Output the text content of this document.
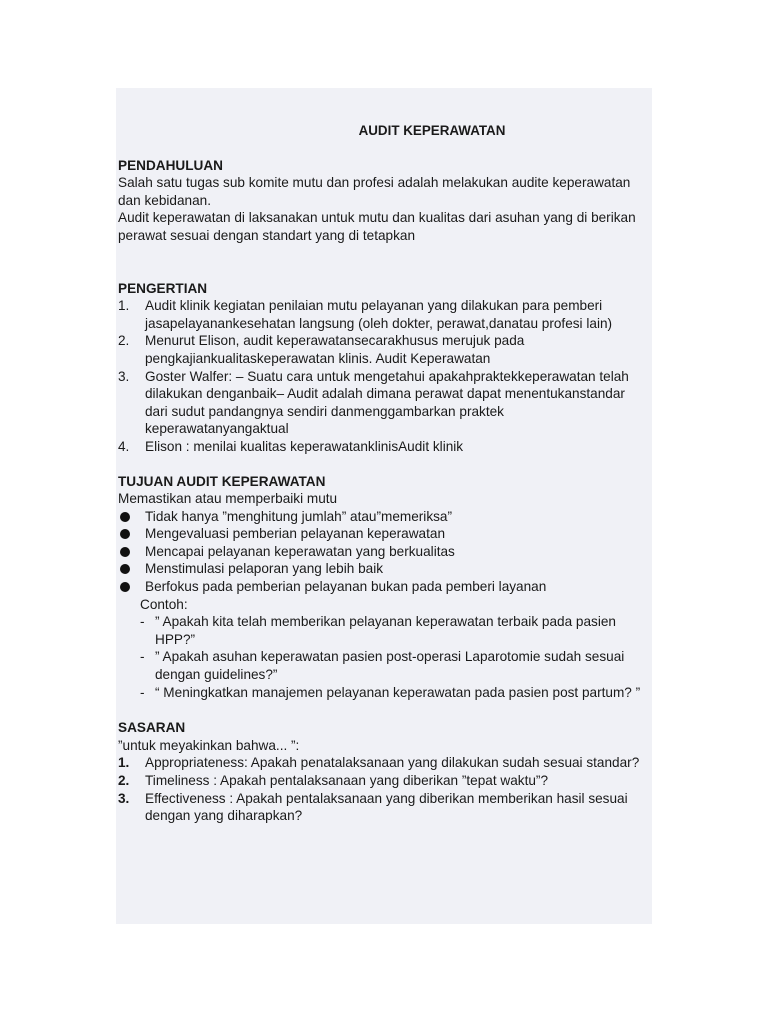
AUDIT KEPERAWATAN
PENDAHULUAN

Salah satu tugas sub komite mutu dan profesi adalah melakukan audite keperawatan dan kebidanan.

Audit keperawatan di laksanakan untuk mutu dan kualitas dari asuhan yang di berikan perawat sesuai dengan standart yang di tetapkan

PENGERTIAN
1.	Audit klinik kegiatan penilaian mutu pelayanan yang dilakukan para pemberi jasapelayanankesehatan langsung (oleh dokter, perawat,danatau profesi lain)
2.	Menurut Elison, audit keperawatansecarakhusus merujuk pada pengkajiankualitaskeperawatan klinis. Audit Keperawatan
3.	Goster Walfer: – Suatu cara untuk mengetahui apakahpraktekkeperawatan telah dilakukan denganbaik– Audit adalah dimana perawat dapat menentukanstandar dari sudut pandangnya sendiri danmenggambarkan praktek keperawatanyangaktual
4.	Elison : menilai kualitas keperawatanklinisAudit klinik
TUJUAN AUDIT KEPERAWATAN

Memastikan atau memperbaiki mutu

Tidak hanya ”menghitung jumlah” atau”memeriksa”
Mengevaluasi pemberian pelayanan keperawatan
Mencapai pelayanan keperawatan yang berkualitas
Menstimulasi pelaporan yang lebih baik
Berfokus pada pemberian pelayanan bukan pada pemberi layanan
Contoh:
- ” Apakah kita telah memberikan pelayanan keperawatan terbaik pada pasien HPP?”
- ” Apakah asuhan keperawatan pasien post-operasi Laparotomie sudah sesuai dengan guidelines?”
- “ Meningkatkan manajemen pelayanan keperawatan pada pasien post partum? ”
SASARAN

”untuk meyakinkan bahwa... ”:

1.	Appropriateness: Apakah penatalaksanaan yang dilakukan sudah sesuai standar?
2.	Timeliness : Apakah pentalaksanaan yang diberikan ”tepat waktu”?
3.	Effectiveness : Apakah pentalaksanaan yang diberikan memberikan hasil sesuai dengan yang diharapkan?
